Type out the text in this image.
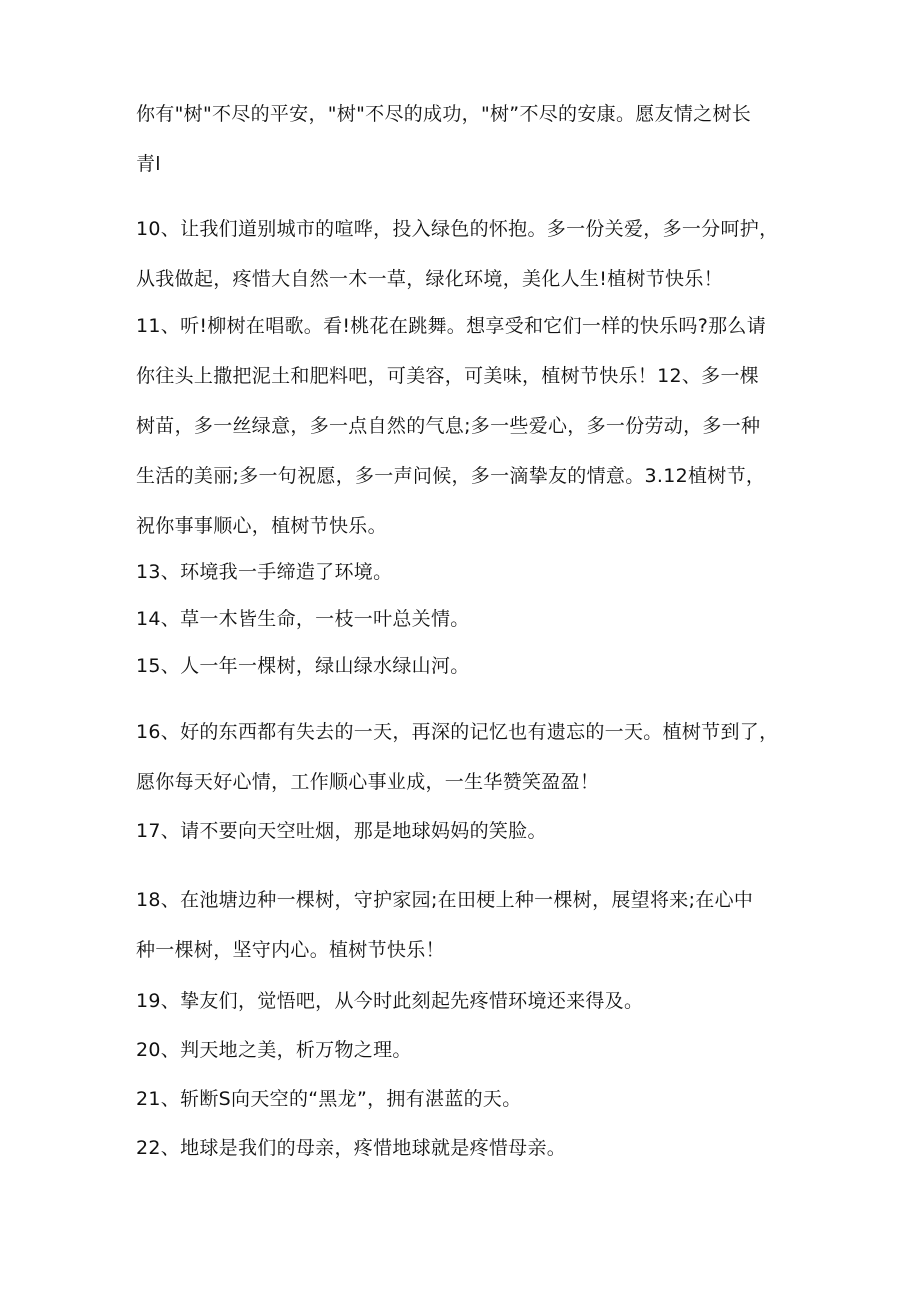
你有"树"不尽的平安，"树"不尽的成功，"树”不尽的安康。愿友情之树长
青l
10、让我们道别城市的喧哗，投入绿色的怀抱。多一份关爱，多一分呵护，
从我做起，疼惜大自然一木一草，绿化环境，美化人生!植树节快乐！
11、听!柳树在唱歌。看!桃花在跳舞。想享受和它们一样的快乐吗?那么请
你往头上撒把泥土和肥料吧，可美容，可美味，植树节快乐！12、多一棵
树苗，多一丝绿意，多一点自然的气息;多一些爱心，多一份劳动，多一种
生活的美丽;多一句祝愿，多一声问候，多一滴挚友的情意。3.12植树节，
祝你事事顺心，植树节快乐。
13、环境我一手缔造了环境。
14、草一木皆生命，一枝一叶总关情。
15、人一年一棵树，绿山绿水绿山河。
16、好的东西都有失去的一天，再深的记忆也有遗忘的一天。植树节到了，
愿你每天好心情，工作顺心事业成，一生华赞笑盈盈！
17、请不要向天空吐烟，那是地球妈妈的笑脸。
18、在池塘边种一棵树，守护家园;在田梗上种一棵树，展望将来;在心中
种一棵树，坚守内心。植树节快乐！
19、挚友们，觉悟吧，从今时此刻起先疼惜环境还来得及。
20、判天地之美，析万物之理。
21、斩断S向天空的“黑龙”，拥有湛蓝的天。
22、地球是我们的母亲，疼惜地球就是疼惜母亲。
